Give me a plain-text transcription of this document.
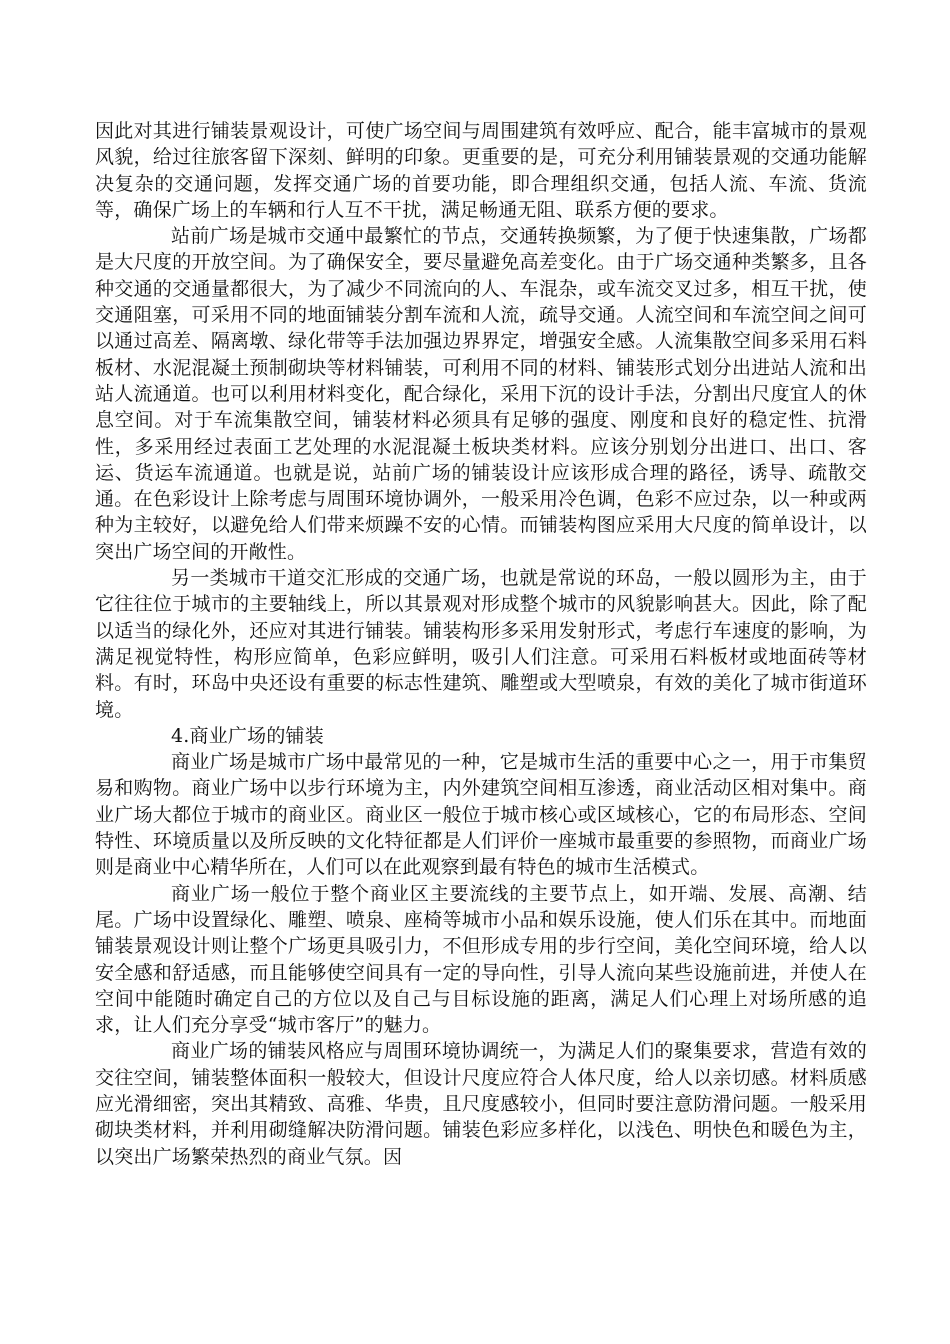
因此对其进行铺装景观设计，可使广场空间与周围建筑有效呼应、配合，能丰富城市的景观风貌，给过往旅客留下深刻、鲜明的印象。更重要的是，可充分利用铺装景观的交通功能解决复杂的交通问题，发挥交通广场的首要功能，即合理组织交通，包括人流、车流、货流等，确保广场上的车辆和行人互不干扰，满足畅通无阻、联系方便的要求。

站前广场是城市交通中最繁忙的节点，交通转换频繁，为了便于快速集散，广场都是大尺度的开放空间。为了确保安全，要尽量避免高差变化。由于广场交通种类繁多，且各种交通的交通量都很大，为了减少不同流向的人、车混杂，或车流交叉过多，相互干扰，使交通阻塞，可采用不同的地面铺装分割车流和人流，疏导交通。人流空间和车流空间之间可以通过高差、隔离墩、绿化带等手法加强边界界定，增强安全感。人流集散空间多采用石料板材、水泥混凝土预制砌块等材料铺装，可利用不同的材料、铺装形式划分出进站人流和出站人流通道。也可以利用材料变化，配合绿化，采用下沉的设计手法，分割出尺度宜人的休息空间。对于车流集散空间，铺装材料必须具有足够的强度、刚度和良好的稳定性、抗滑性，多采用经过表面工艺处理的水泥混凝土板块类材料。应该分别划分出进口、出口、客运、货运车流通道。也就是说，站前广场的铺装设计应该形成合理的路径，诱导、疏散交通。在色彩设计上除考虑与周围环境协调外，一般采用冷色调，色彩不应过杂，以一种或两种为主较好，以避免给人们带来烦躁不安的心情。而铺装构图应采用大尺度的简单设计，以突出广场空间的开敞性。

另一类城市干道交汇形成的交通广场，也就是常说的环岛，一般以圆形为主，由于它往往位于城市的主要轴线上，所以其景观对形成整个城市的风貌影响甚大。因此，除了配以适当的绿化外，还应对其进行铺装。铺装构形多采用发射形式，考虑行车速度的影响，为满足视觉特性，构形应简单，色彩应鲜明，吸引人们注意。可采用石料板材或地面砖等材料。有时，环岛中央还设有重要的标志性建筑、雕塑或大型喷泉，有效的美化了城市街道环境。

4.商业广场的铺装

商业广场是城市广场中最常见的一种，它是城市生活的重要中心之一，用于市集贸易和购物。商业广场中以步行环境为主，内外建筑空间相互渗透，商业活动区相对集中。商业广场大都位于城市的商业区。商业区一般位于城市核心或区域核心，它的布局形态、空间特性、环境质量以及所反映的文化特征都是人们评价一座城市最重要的参照物，而商业广场则是商业中心精华所在，人们可以在此观察到最有特色的城市生活模式。

商业广场一般位于整个商业区主要流线的主要节点上，如开端、发展、高潮、结尾。广场中设置绿化、雕塑、喷泉、座椅等城市小品和娱乐设施，使人们乐在其中。而地面铺装景观设计则让整个广场更具吸引力，不但形成专用的步行空间，美化空间环境，给人以安全感和舒适感，而且能够使空间具有一定的导向性，引导人流向某些设施前进，并使人在空间中能随时确定自己的方位以及自己与目标设施的距离，满足人们心理上对场所感的追求，让人们充分享受“城市客厅”的魅力。

商业广场的铺装风格应与周围环境协调统一，为满足人们的聚集要求，营造有效的交往空间，铺装整体面积一般较大，但设计尺度应符合人体尺度，给人以亲切感。材料质感应光滑细密，突出其精致、高雅、华贵，且尺度感较小，但同时要注意防滑问题。一般采用砌块类材料，并利用砌缝解决防滑问题。铺装色彩应多样化，以浅色、明快色和暖色为主，以突出广场繁荣热烈的商业气氛。因
